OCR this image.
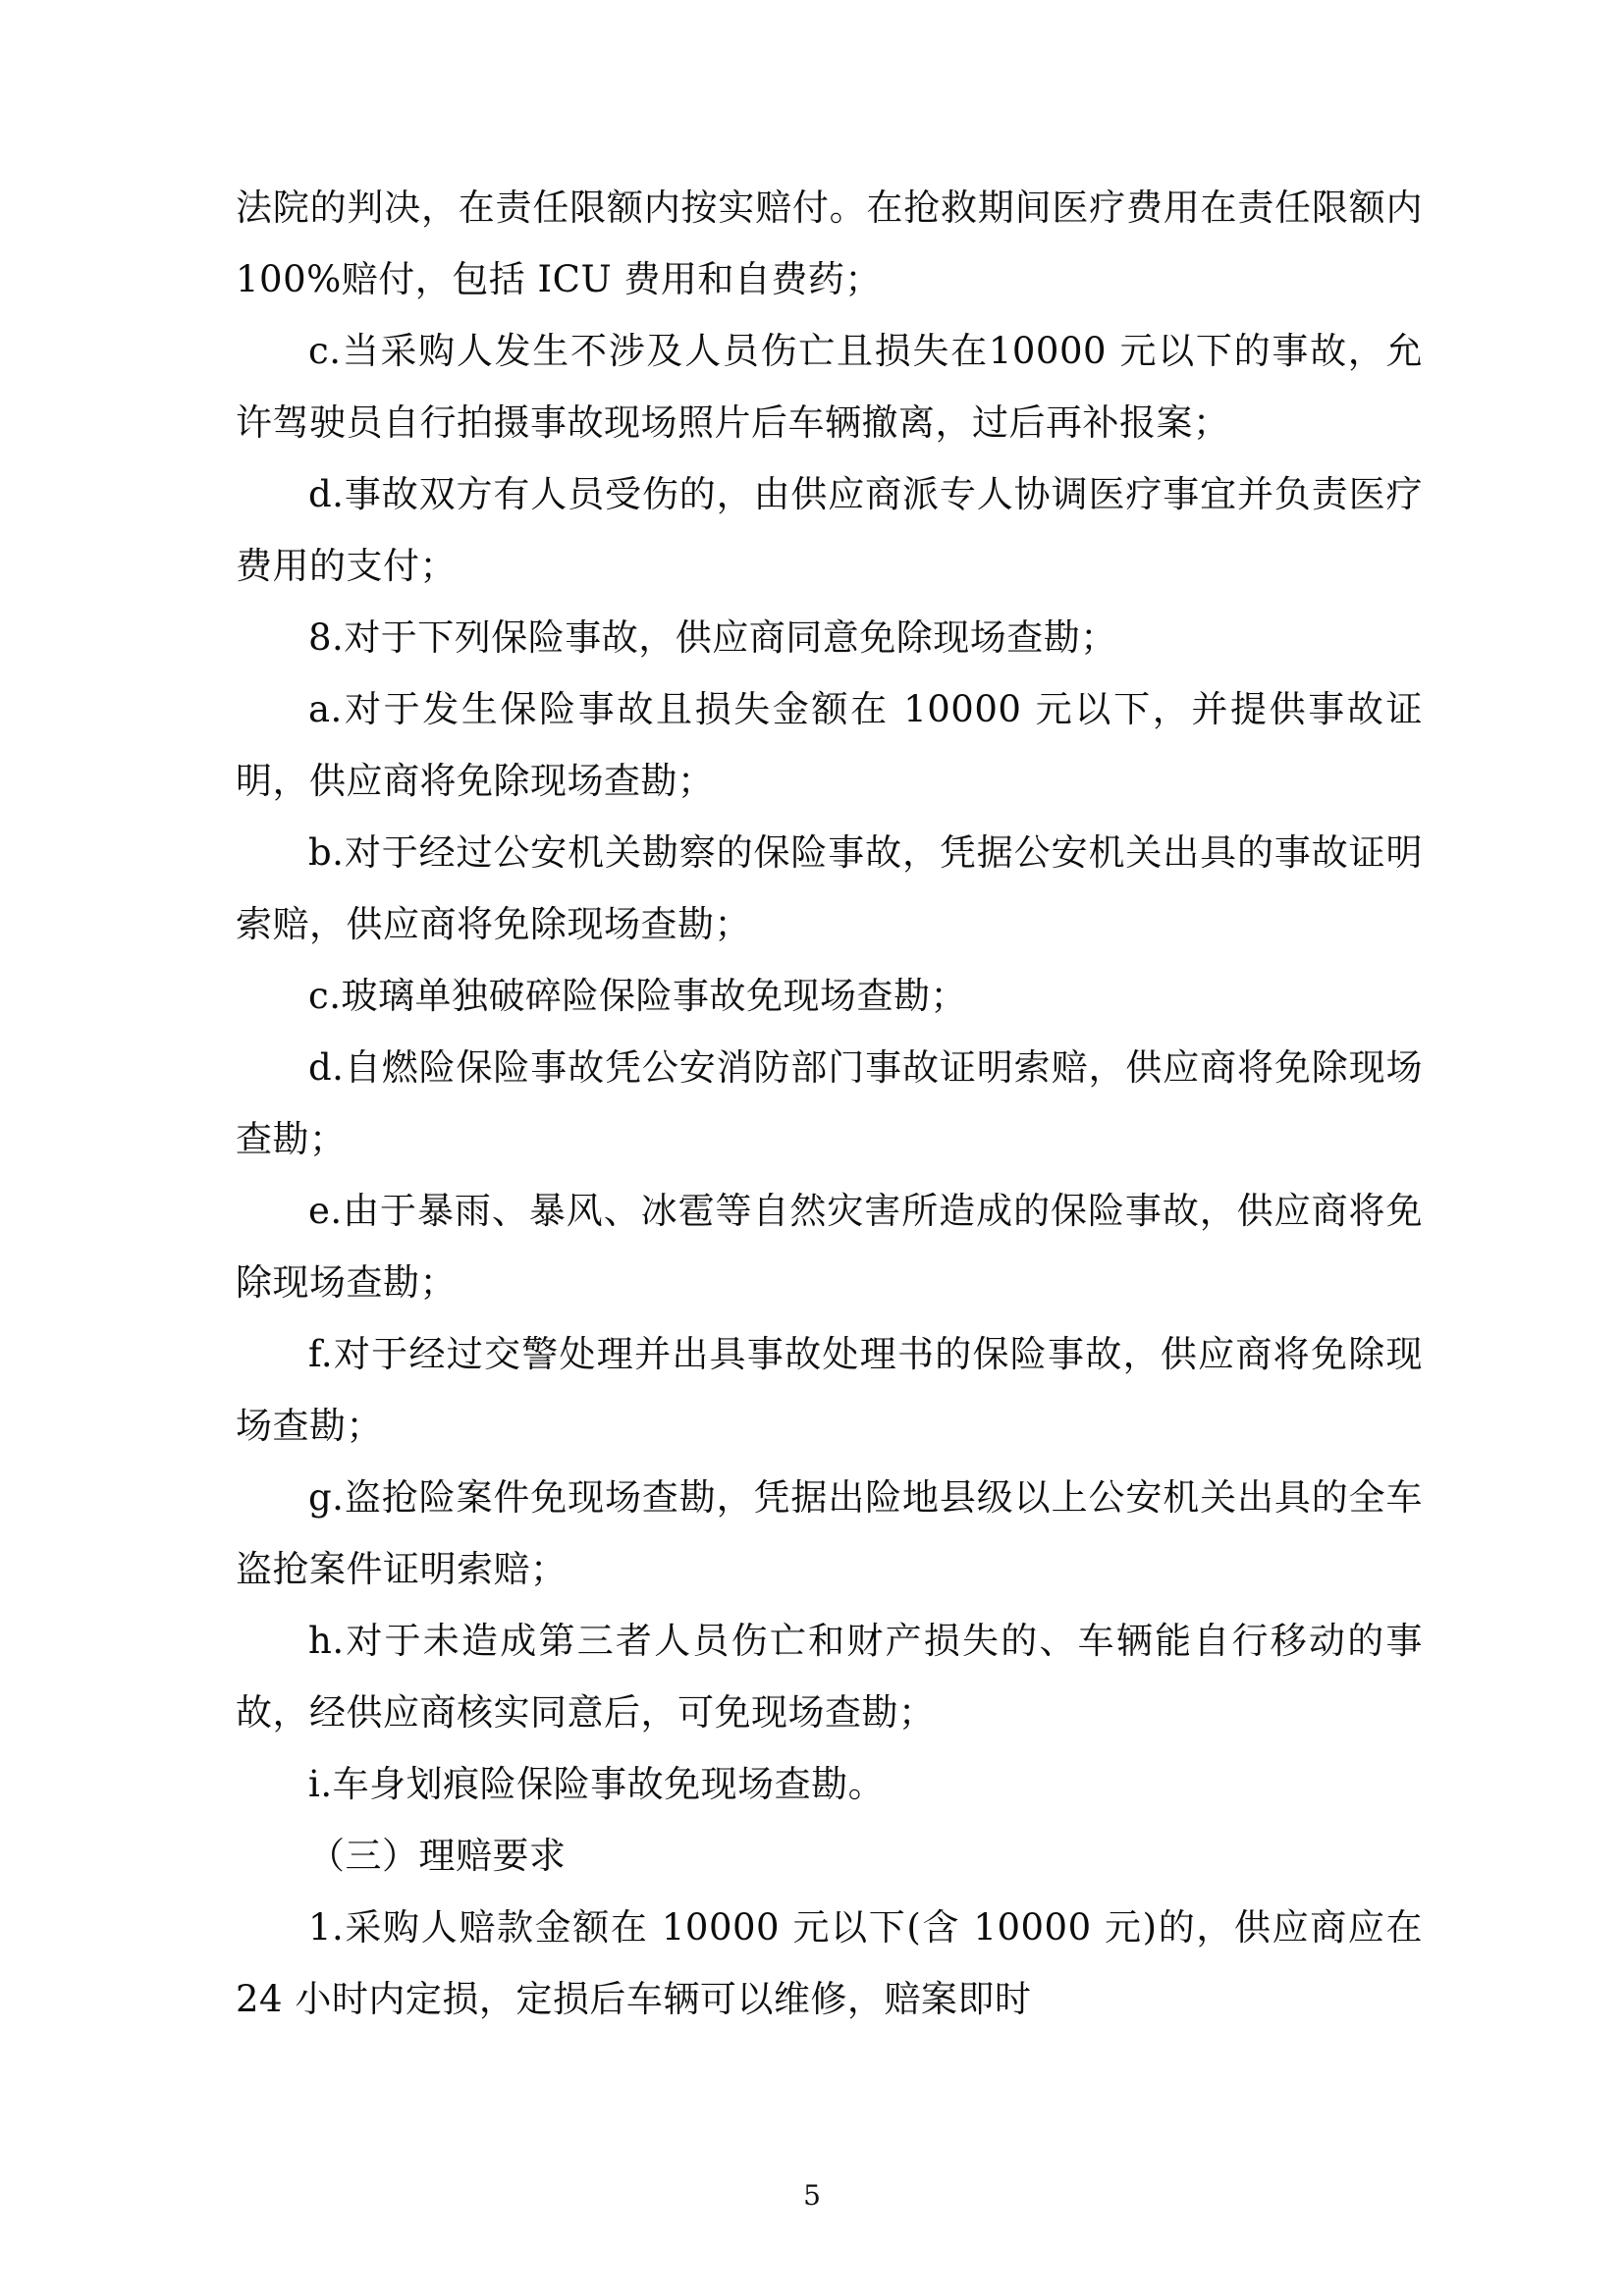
法院的判决，在责任限额内按实赔付。在抢救期间医疗费用在责任限额内 100%赔付，包括 ICU 费用和自费药；

c.当采购人发生不涉及人员伤亡且损失在10000 元以下的事故，允许驾驶员自行拍摄事故现场照片后车辆撤离，过后再补报案；

d.事故双方有人员受伤的，由供应商派专人协调医疗事宜并负责医疗费用的支付；

8.对于下列保险事故，供应商同意免除现场查勘；

a.对于发生保险事故且损失金额在 10000 元以下，并提供事故证明，供应商将免除现场查勘；

b.对于经过公安机关勘察的保险事故，凭据公安机关出具的事故证明索赔，供应商将免除现场查勘；

c.玻璃单独破碎险保险事故免现场查勘；

d.自燃险保险事故凭公安消防部门事故证明索赔，供应商将免除现场查勘；

e.由于暴雨、暴风、冰雹等自然灾害所造成的保险事故，供应商将免除现场查勘；

f.对于经过交警处理并出具事故处理书的保险事故，供应商将免除现场查勘；

g.盗抢险案件免现场查勘，凭据出险地县级以上公安机关出具的全车盗抢案件证明索赔；

h.对于未造成第三者人员伤亡和财产损失的、车辆能自行移动的事故，经供应商核实同意后，可免现场查勘；

i.车身划痕险保险事故免现场查勘。

（三）理赔要求

1.采购人赔款金额在 10000 元以下(含 10000 元)的，供应商应在 24 小时内定损，定损后车辆可以维修，赔案即时

5
